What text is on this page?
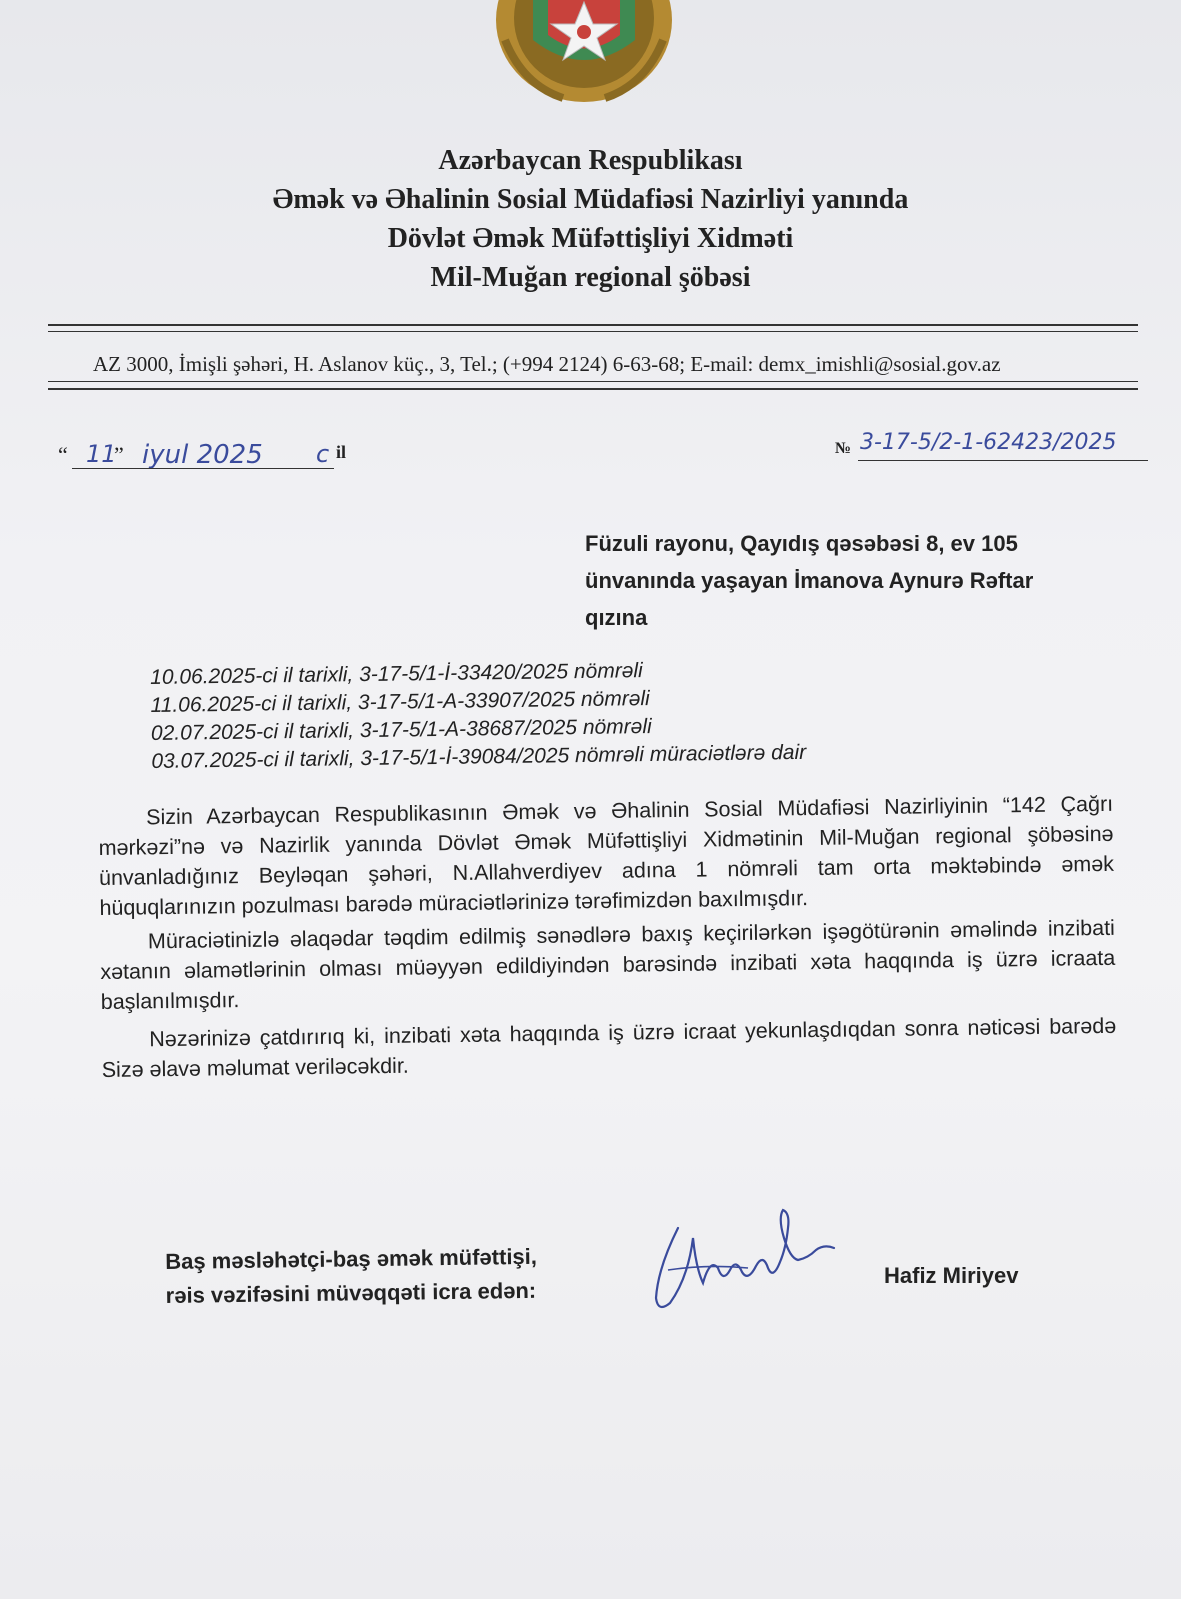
Azərbaycan Respublikası
Əmək və Əhalinin Sosial Müdafiəsi Nazirliyi yanında
Dövlət Əmək Müfəttişliyi Xidməti
Mil-Muğan regional şöbəsi
AZ 3000, İmişli şəhəri, H. Aslanov küç., 3, Tel.; (+994 2124) 6-63-68; E-mail: demx_imishli@sosial.gov.az
“ 11
” iyul 2025 c il	№ 3-17-5/2-1-62423/2025
Füzuli rayonu, Qayıdış qəsəbəsi 8, ev 105
ünvanında yaşayan İmanova Aynurə Rəftar
qızına
10.06.2025-ci il tarixli, 3-17-5/1-İ-33420/2025 nömrəli
11.06.2025-ci il tarixli, 3-17-5/1-A-33907/2025 nömrəli
02.07.2025-ci il tarixli, 3-17-5/1-A-38687/2025 nömrəli
03.07.2025-ci il tarixli, 3-17-5/1-İ-39084/2025 nömrəli müraciətlərə dair

Sizin Azərbaycan Respublikasının Əmək və Əhalinin Sosial Müdafiəsi Nazirliyinin “142 Çağrı mərkəzi”nə və Nazirlik yanında Dövlət Əmək Müfəttişliyi Xidmətinin Mil-Muğan regional şöbəsinə ünvanladığınız Beyləqan şəhəri, N.Allahverdiyev adına 1 nömrəli tam orta məktəbində əmək hüquqlarınızın pozulması barədə müraciətlərinizə tərəfimizdən baxılmışdır.

Müraciətinizlə əlaqədar təqdim edilmiş sənədlərə baxış keçirilərkən işəgötürənin əməlində inzibati xətanın əlamətlərinin olması müəyyən edildiyindən barəsində inzibati xəta haqqında iş üzrə icraata başlanılmışdır.

Nəzərinizə çatdırırıq ki, inzibati xəta haqqında iş üzrə icraat yekunlaşdıqdan sonra nəticəsi barədə Sizə əlavə məlumat veriləcəkdir.

Baş məsləhətçi-baş əmək müfəttişi,
rəis vəzifəsini müvəqqəti icra edən:
Hafiz Miriyev
